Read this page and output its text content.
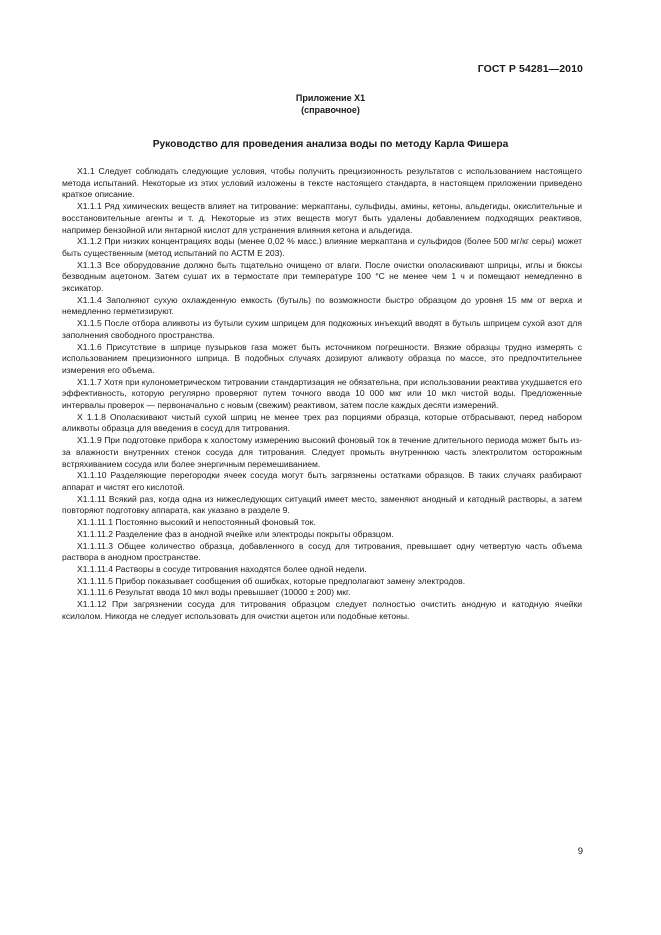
ГОСТ Р 54281—2010
Приложение X1
(справочное)
Руководство для проведения анализа воды по методу Карла Фишера

X1.1 Следует соблюдать следующие условия, чтобы получить прецизионность результатов с использованием настоящего метода испытаний. Некоторые из этих условий изложены в тексте настоящего стандарта, в настоящем приложении приведено краткое описание.

X1.1.1 Ряд химических веществ влияет на титрование: меркаптаны, сульфиды, амины, кетоны, альдегиды, окислительные и восстановительные агенты и т. д. Некоторые из этих веществ могут быть удалены добавлением подходящих реактивов, например бензойной или янтарной кислот для устранения влияния кетона и альдегида.

X1.1.2 При низких концентрациях воды (менее 0,02 % масс.) влияние меркаптана и сульфидов (более 500 мг/кг серы) может быть существенным (метод испытаний по АСТМ Е 203).

X1.1.3 Все оборудование должно быть тщательно очищено от влаги. После очистки ополаскивают шприцы, иглы и бюксы безводным ацетоном. Затем сушат их в термостате при температуре 100 °С не менее чем 1 ч и помещают немедленно в эксикатор.

X1.1.4 Заполняют сухую охлажденную емкость (бутыль) по возможности быстро образцом до уровня 15 мм от верха и немедленно герметизируют.

X1.1.5 После отбора аликвоты из бутыли сухим шприцем для подкожных инъекций вводят в бутыль шприцем сухой азот для заполнения свободного пространства.

X1.1.6 Присутствие в шприце пузырьков газа может быть источником погрешности. Вязкие образцы трудно измерять с использованием прецизионного шприца. В подобных случаях дозируют аликвоту образца по массе, это предпочтительнее измерения его объема.

X1.1.7 Хотя при кулонометрическом титровании стандартизация не обязательна, при использовании реактива ухудшается его эффективность, которую регулярно проверяют путем точного ввода 10 000 мкг или 10 мкл чистой воды. Предложенные интервалы проверок — первоначально с новым (свежим) реактивом, затем после каждых десяти измерений.

X 1.1.8 Ополаскивают чистый сухой шприц не менее трех раз порциями образца, которые отбрасывают, перед набором аликвоты образца для введения в сосуд для титрования.

X1.1.9 При подготовке прибора к холостому измерению высокий фоновый ток в течение длительного периода может быть из-за влажности внутренних стенок сосуда для титрования. Следует промыть внутреннюю часть электролитом осторожным встряхиванием сосуда или более энергичным перемешиванием.

X1.1.10 Разделяющие перегородки ячеек сосуда могут быть загрязнены остатками образцов. В таких случаях разбирают аппарат и чистят его кислотой.

X1.1.11 Всякий раз, когда одна из нижеследующих ситуаций имеет место, заменяют анодный и катодный растворы, а затем повторяют подготовку аппарата, как указано в разделе 9.

X1.1.11.1 Постоянно высокий и непостоянный фоновый ток.

X1.1.11.2 Разделение фаз в анодной ячейке или электроды покрыты образцом.

X1.1.11.3 Общее количество образца, добавленного в сосуд для титрования, превышает одну четвертую часть объема раствора в анодном пространстве.

X1.1.11.4 Растворы в сосуде титрования находятся более одной недели.

X1.1.11.5 Прибор показывает сообщения об ошибках, которые предполагают замену электродов.

X1.1.11.6 Результат ввода 10 мкл воды превышает (10000 ± 200) мкг.

X1.1.12 При загрязнении сосуда для титрования образцом следует полностью очистить анодную и катодную ячейки ксилолом. Никогда не следует использовать для очистки ацетон или подобные кетоны.

9
